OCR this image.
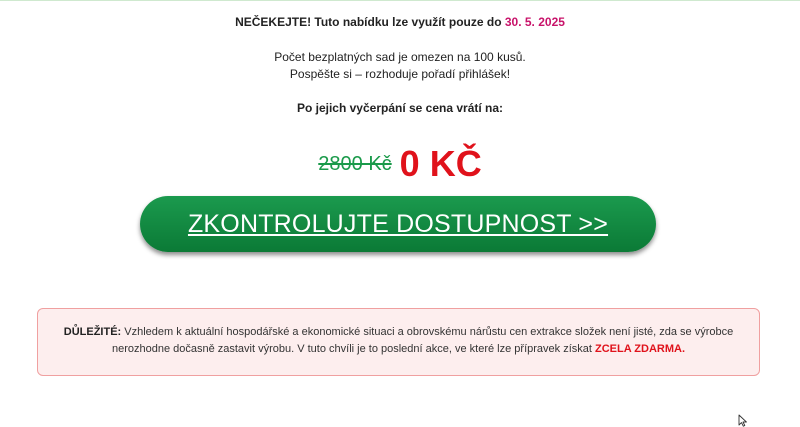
NEČEKEJTE! Tuto nabídku lze využít pouze do 30. 5. 2025
Počet bezplatných sad je omezen na 100 kusů.
Pospěšte si – rozhoduje pořadí přihlášek!
Po jejich vyčerpání se cena vrátí na:
2800 Kč 0 KČ
ZKONTROLUJTE DOSTUPNOST >>
DŮLEŽITÉ: Vzhledem k aktuální hospodářské a ekonomické situaci a obrovskému nárůstu cen extrakce složek není jisté, zda se výrobce nerozhodne dočasně zastavit výrobu. V tuto chvíli je to poslední akce, ve které lze přípravek získat ZCELA ZDARMA.
